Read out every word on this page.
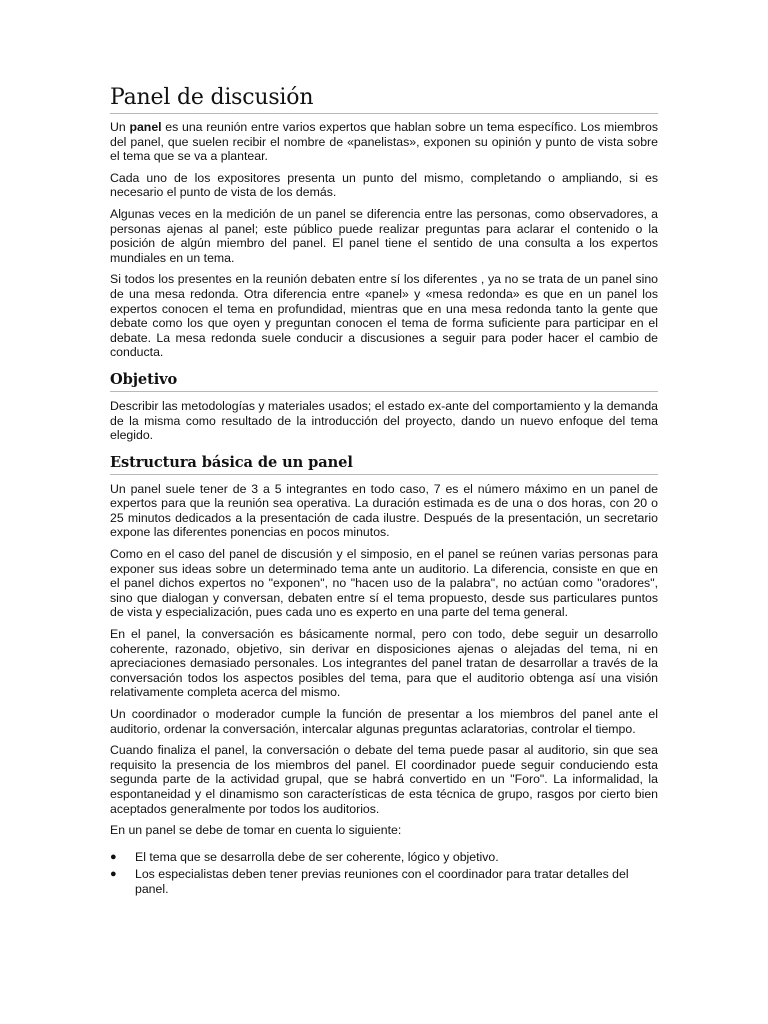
Panel de discusión

Un panel es una reunión entre varios expertos que hablan sobre un tema específico. Los miembros del panel, que suelen recibir el nombre de «panelistas», exponen su opinión y punto de vista sobre el tema que se va a plantear.

Cada uno de los expositores presenta un punto del mismo, completando o ampliando, si es necesario el punto de vista de los demás.

Algunas veces en la medición de un panel se diferencia entre las personas, como observadores, a personas ajenas al panel; este público puede realizar preguntas para aclarar el contenido o la posición de algún miembro del panel. El panel tiene el sentido de una consulta a los expertos mundiales en un tema.

Si todos los presentes en la reunión debaten entre sí los diferentes , ya no se trata de un panel sino de una mesa redonda. Otra diferencia entre «panel» y «mesa redonda» es que en un panel los expertos conocen el tema en profundidad, mientras que en una mesa redonda tanto la gente que debate como los que oyen y preguntan conocen el tema de forma suficiente para participar en el debate. La mesa redonda suele conducir a discusiones a seguir para poder hacer el cambio de conducta.

Objetivo

Describir las metodologías y materiales usados; el estado ex-ante del comportamiento y la demanda de la misma como resultado de la introducción del proyecto, dando un nuevo enfoque del tema elegido.

Estructura básica de un panel

Un panel suele tener de 3 a 5 integrantes en todo caso, 7 es el número máximo en un panel de expertos para que la reunión sea operativa. La duración estimada es de una o dos horas, con 20 o 25 minutos dedicados a la presentación de cada ilustre. Después de la presentación, un secretario expone las diferentes ponencias en pocos minutos.

Como en el caso del panel de discusión y el simposio, en el panel se reúnen varias personas para exponer sus ideas sobre un determinado tema ante un auditorio. La diferencia, consiste en que en el panel dichos expertos no "exponen", no "hacen uso de la palabra", no actúan como "oradores", sino que dialogan y conversan, debaten entre sí el tema propuesto, desde sus particulares puntos de vista y especialización, pues cada uno es experto en una parte del tema general.

En el panel, la conversación es básicamente normal, pero con todo, debe seguir un desarrollo coherente, razonado, objetivo, sin derivar en disposiciones ajenas o alejadas del tema, ni en apreciaciones demasiado personales. Los integrantes del panel tratan de desarrollar a través de la conversación todos los aspectos posibles del tema, para que el auditorio obtenga así una visión relativamente completa acerca del mismo.

Un coordinador o moderador cumple la función de presentar a los miembros del panel ante el auditorio, ordenar la conversación, intercalar algunas preguntas aclaratorias, controlar el tiempo.

Cuando finaliza el panel, la conversación o debate del tema puede pasar al auditorio, sin que sea requisito la presencia de los miembros del panel. El coordinador puede seguir conduciendo esta segunda parte de la actividad grupal, que se habrá convertido en un "Foro". La informalidad, la espontaneidad y el dinamismo son características de esta técnica de grupo, rasgos por cierto bien aceptados generalmente por todos los auditorios.

En un panel se debe de tomar en cuenta lo siguiente:

● El tema que se desarrolla debe de ser coherente, lógico y objetivo.
● Los especialistas deben tener previas reuniones con el coordinador para tratar detalles del panel.
